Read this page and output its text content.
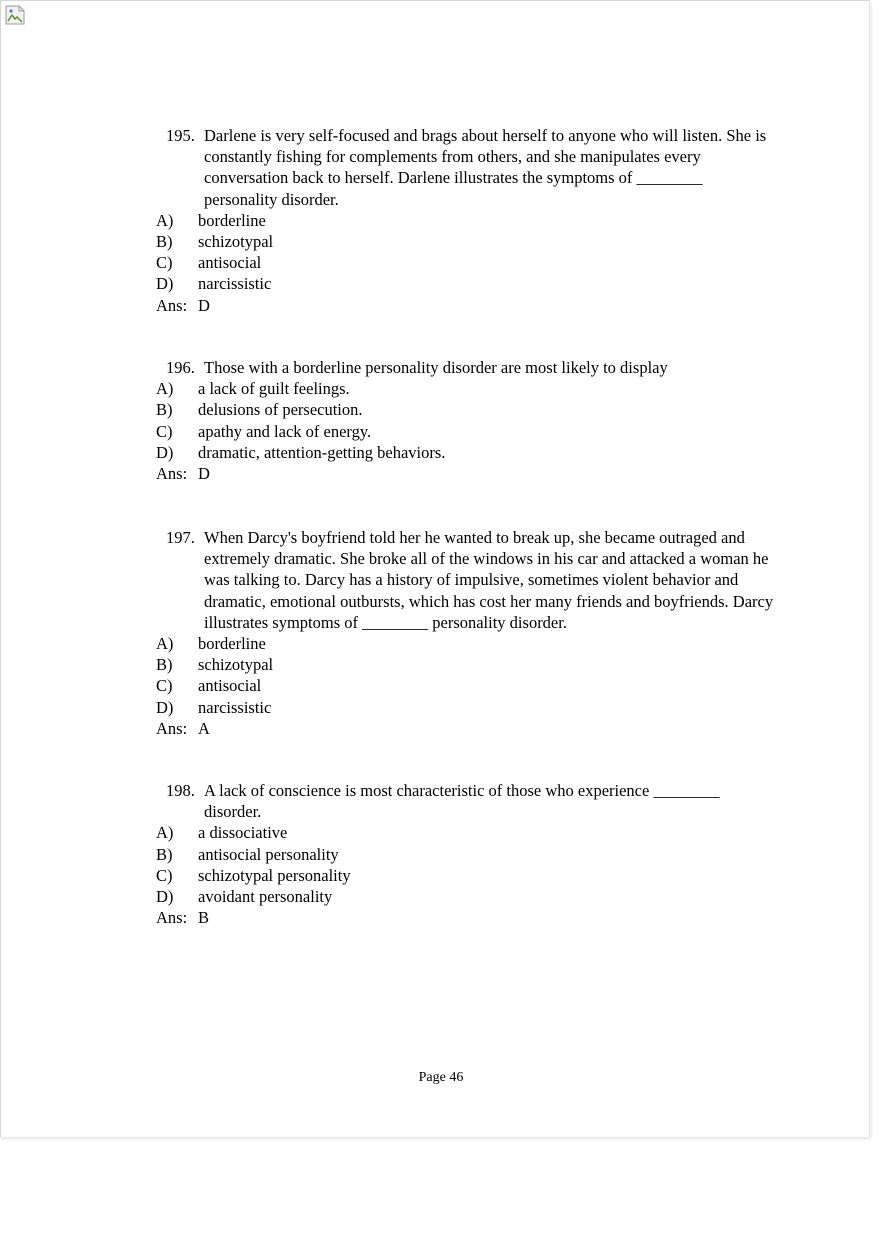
195. Darlene is very self-focused and brags about herself to anyone who will listen. She is constantly fishing for complements from others, and she manipulates every conversation back to herself. Darlene illustrates the symptoms of ________ personality disorder.
A)	borderline
B)	schizotypal
C)	antisocial
D)	narcissistic
Ans: D
196. Those with a borderline personality disorder are most likely to display
A)	a lack of guilt feelings.
B)	delusions of persecution.
C)	apathy and lack of energy.
D)	dramatic, attention-getting behaviors.
Ans: D
197. When Darcy's boyfriend told her he wanted to break up, she became outraged and extremely dramatic. She broke all of the windows in his car and attacked a woman he was talking to. Darcy has a history of impulsive, sometimes violent behavior and dramatic, emotional outbursts, which has cost her many friends and boyfriends. Darcy illustrates symptoms of ________ personality disorder.
A)	borderline
B)	schizotypal
C)	antisocial
D)	narcissistic
Ans: A
198. A lack of conscience is most characteristic of those who experience ________ disorder.
A)	a dissociative
B)	antisocial personality
C)	schizotypal personality
D)	avoidant personality
Ans: B
Page 46
